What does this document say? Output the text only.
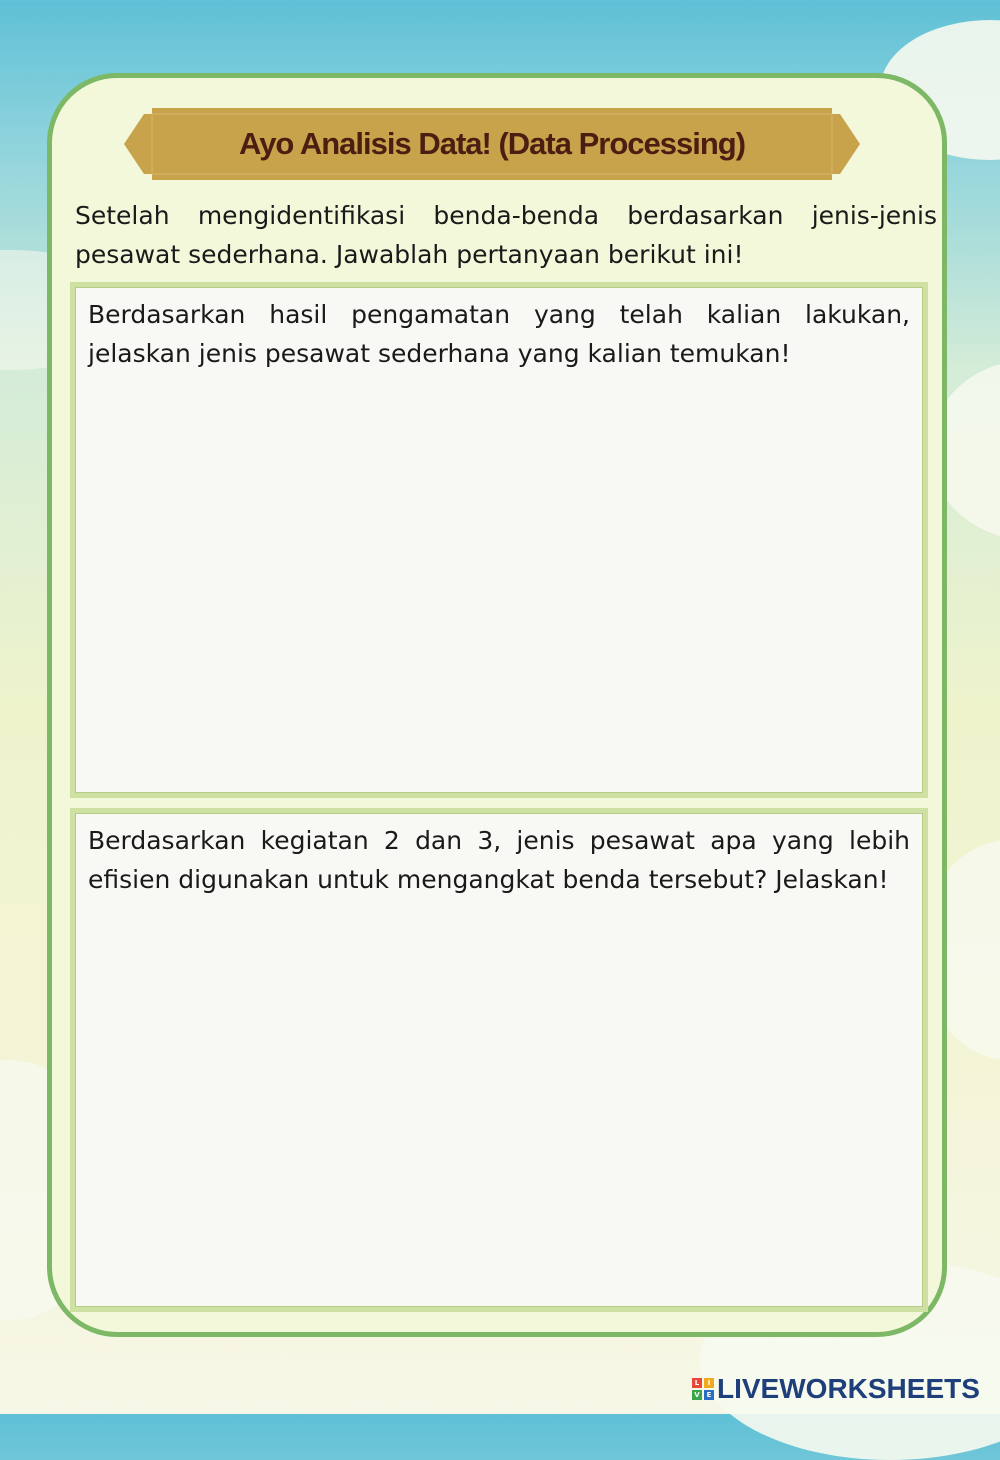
Ayo Analisis Data! (Data Processing)

Setelah mengidentifikasi benda-benda berdasarkan jenis-jenis pesawat sederhana. Jawablah pertanyaan berikut ini!

Berdasarkan hasil pengamatan yang telah kalian lakukan, jelaskan jenis pesawat sederhana yang kalian temukan!

Berdasarkan kegiatan 2 dan 3, jenis pesawat apa yang lebih efisien digunakan untuk mengangkat benda tersebut? Jelaskan!

L	I
V E LIVEWORKSHEETS
